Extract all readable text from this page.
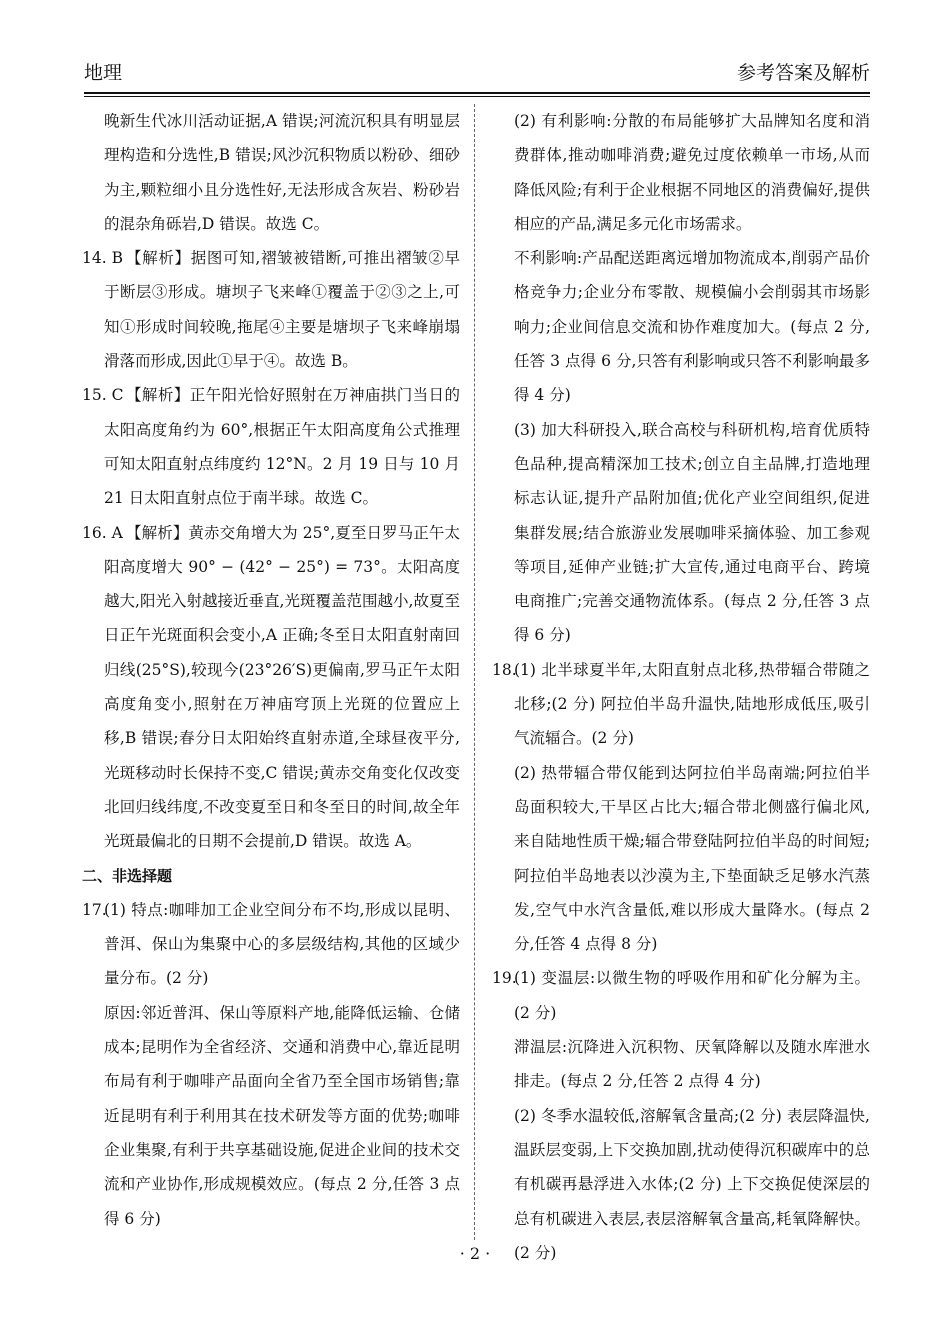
地理	参考答案及解析

晚新生代冰川活动证据,A 错误;河流沉积具有明显层理构造和分选性,B 错误;风沙沉积物质以粉砂、细砂为主,颗粒细小且分选性好,无法形成含灰岩、粉砂岩的混杂角砾岩,D 错误。故选 C。

14. B 【解析】据图可知,褶皱被错断,可推出褶皱②早于断层③形成。塘坝子飞来峰①覆盖于②③之上,可知①形成时间较晚,拖尾④主要是塘坝子飞来峰崩塌滑落而形成,因此①早于④。故选 B。

15. C 【解析】正午阳光恰好照射在万神庙拱门当日的太阳高度角约为 60°,根据正午太阳高度角公式推理可知太阳直射点纬度约 12°N。2 月 19 日与 10 月 21 日太阳直射点位于南半球。故选 C。

16. A 【解析】黄赤交角增大为 25°,夏至日罗马正午太阳高度增大 90° − (42° − 25°) = 73°。太阳高度越大,阳光入射越接近垂直,光斑覆盖范围越小,故夏至日正午光斑面积会变小,A 正确;冬至日太阳直射南回归线(25°S),较现今(23°26′S)更偏南,罗马正午太阳高度角变小,照射在万神庙穹顶上光斑的位置应上移,B 错误;春分日太阳始终直射赤道,全球昼夜平分,光斑移动时长保持不变,C 错误;黄赤交角变化仅改变北回归线纬度,不改变夏至日和冬至日的时间,故全年光斑最偏北的日期不会提前,D 错误。故选 A。

二、非选择题

17.

(1) 特点:咖啡加工企业空间分布不均,形成以昆明、普洱、保山为集聚中心的多层级结构,其他的区域少量分布。(2 分)

原因:邻近普洱、保山等原料产地,能降低运输、仓储成本;昆明作为全省经济、交通和消费中心,靠近昆明布局有利于咖啡产品面向全省乃至全国市场销售;靠近昆明有利于利用其在技术研发等方面的优势;咖啡企业集聚,有利于共享基础设施,促进企业间的技术交流和产业协作,形成规模效应。(每点 2 分,任答 3 点得 6 分)

(2) 有利影响:分散的布局能够扩大品牌知名度和消费群体,推动咖啡消费;避免过度依赖单一市场,从而降低风险;有利于企业根据不同地区的消费偏好,提供相应的产品,满足多元化市场需求。

不利影响:产品配送距离远增加物流成本,削弱产品价格竞争力;企业分布零散、规模偏小会削弱其市场影响力;企业间信息交流和协作难度加大。(每点 2 分,任答 3 点得 6 分,只答有利影响或只答不利影响最多得 4 分)

(3) 加大科研投入,联合高校与科研机构,培育优质特色品种,提高精深加工技术;创立自主品牌,打造地理标志认证,提升产品附加值;优化产业空间组织,促进集群发展;结合旅游业发展咖啡采摘体验、加工参观等项目,延伸产业链;扩大宣传,通过电商平台、跨境电商推广;完善交通物流体系。(每点 2 分,任答 3 点得 6 分)

18.

(1) 北半球夏半年,太阳直射点北移,热带辐合带随之北移;(2 分) 阿拉伯半岛升温快,陆地形成低压,吸引气流辐合。(2 分)

(2) 热带辐合带仅能到达阿拉伯半岛南端;阿拉伯半岛面积较大,干旱区占比大;辐合带北侧盛行偏北风,来自陆地性质干燥;辐合带登陆阿拉伯半岛的时间短;阿拉伯半岛地表以沙漠为主,下垫面缺乏足够水汽蒸发,空气中水汽含量低,难以形成大量降水。(每点 2 分,任答 4 点得 8 分)

19.

(1) 变温层:以微生物的呼吸作用和矿化分解为主。(2 分)

滞温层:沉降进入沉积物、厌氧降解以及随水库泄水排走。(每点 2 分,任答 2 点得 4 分)

(2) 冬季水温较低,溶解氧含量高;(2 分) 表层降温快,温跃层变弱,上下交换加剧,扰动使得沉积碳库中的总有机碳再悬浮进入水体;(2 分) 上下交换促使深层的总有机碳进入表层,表层溶解氧含量高,耗氧降解快。(2 分)

· 2 ·
